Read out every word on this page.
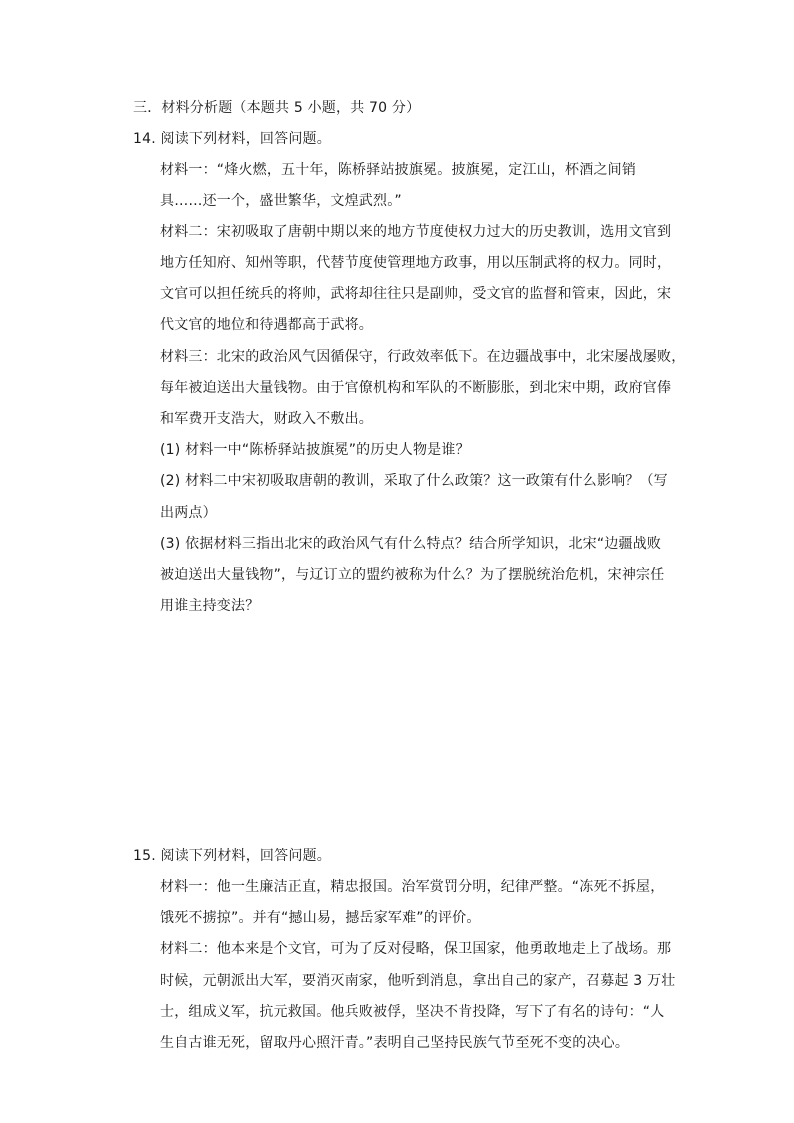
三．材料分析题（本题共 5 小题，共 70 分）
14. 阅读下列材料，回答问题。
材料一：“烽火燃，五十年，陈桥驿站披旗冕。披旗冕，定江山，杯酒之间销
具……还一个，盛世繁华，文煌武烈。”
材料二：宋初吸取了唐朝中期以来的地方节度使权力过大的历史教训，选用文官到
地方任知府、知州等职，代替节度使管理地方政事，用以压制武将的权力。同时，
文官可以担任统兵的将帅，武将却往往只是副帅，受文官的监督和管束，因此，宋
代文官的地位和待遇都高于武将。
材料三：北宋的政治风气因循保守，行政效率低下。在边疆战事中，北宋屡战屡败，
每年被迫送出大量钱物。由于官僚机构和军队的不断膨胀，到北宋中期，政府官俸
和军费开支浩大，财政入不敷出。
(1) 材料一中“陈桥驿站披旗冕”的历史人物是谁？
(2) 材料二中宋初吸取唐朝的教训，采取了什么政策？这一政策有什么影响？（写
出两点）
(3) 依据材料三指出北宋的政治风气有什么特点？结合所学知识，北宋“边疆战败
被迫送出大量钱物”，与辽订立的盟约被称为什么？为了摆脱统治危机，宋神宗任
用谁主持变法？
15. 阅读下列材料，回答问题。
材料一：他一生廉洁正直，精忠报国。治军赏罚分明，纪律严整。“冻死不拆屋，
饿死不掳掠”。并有“撼山易，撼岳家军难”的评价。
材料二：他本来是个文官，可为了反对侵略，保卫国家，他勇敢地走上了战场。那
时候，元朝派出大军，要消灭南家，他听到消息，拿出自己的家产，召募起 3 万壮
士，组成义军，抗元救国。他兵败被俘，坚决不肯投降，写下了有名的诗句：“人
生自古谁无死，留取丹心照汗青。”表明自己坚持民族气节至死不变的决心。
